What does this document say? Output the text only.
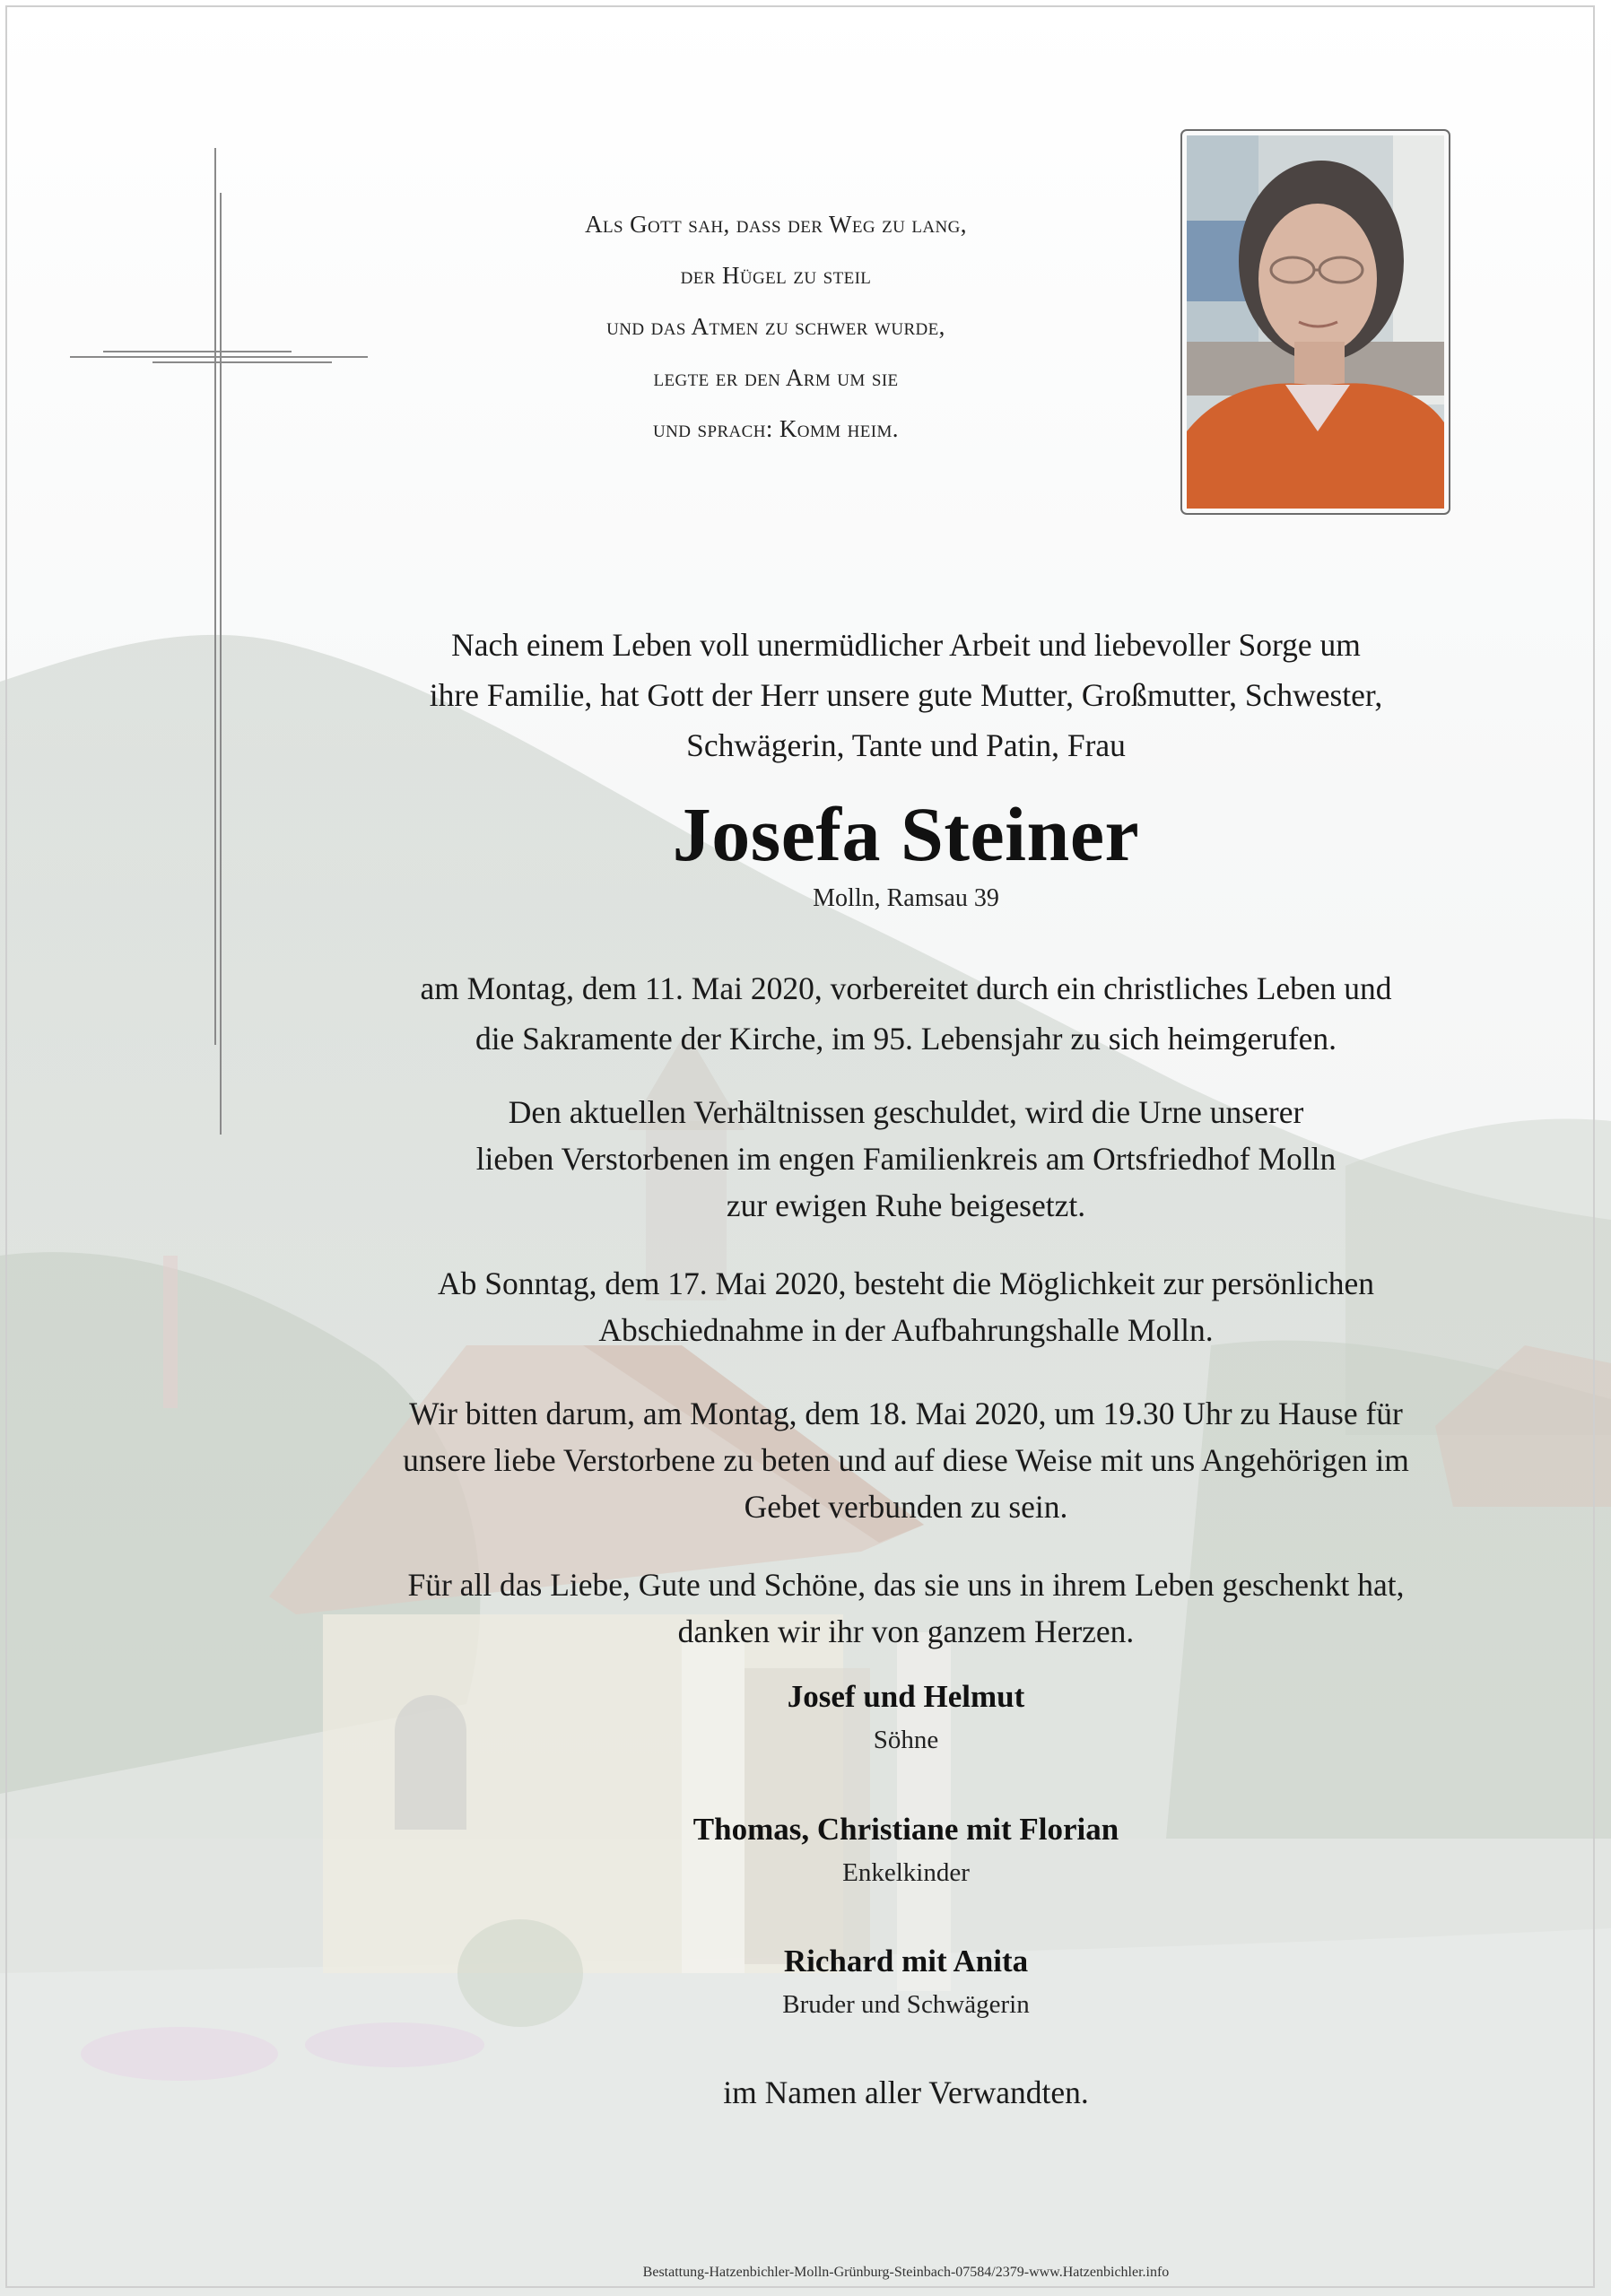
Als Gott sah, dass der Weg zu lang,
der Hügel zu steil
und das Atmen zu schwer wurde,
legte er den Arm um sie
und sprach: Komm heim.
Nach einem Leben voll unermüdlicher Arbeit und liebevoller Sorge um
ihre Familie, hat Gott der Herr unsere gute Mutter, Großmutter, Schwester,
Schwägerin, Tante und Patin, Frau
Josefa Steiner
Molln, Ramsau 39
am Montag, dem 11. Mai 2020, vorbereitet durch ein christliches Leben und
die Sakramente der Kirche, im 95. Lebensjahr zu sich heimgerufen.
Den aktuellen Verhältnissen geschuldet, wird die Urne unserer
lieben Verstorbenen im engen Familienkreis am Ortsfriedhof Molln
zur ewigen Ruhe beigesetzt.
Ab Sonntag, dem 17. Mai 2020, besteht die Möglichkeit zur persönlichen
Abschiednahme in der Aufbahrungshalle Molln.
Wir bitten darum, am Montag, dem 18. Mai 2020, um 19.30 Uhr zu Hause für
unsere liebe Verstorbene zu beten und auf diese Weise mit uns Angehörigen im
Gebet verbunden zu sein.
Für all das Liebe, Gute und Schöne, das sie uns in ihrem Leben geschenkt hat,
danken wir ihr von ganzem Herzen.
Josef und Helmut
Söhne
Thomas, Christiane mit Florian
Enkelkinder
Richard mit Anita
Bruder und Schwägerin
im Namen aller Verwandten.
Bestattung-Hatzenbichler-Molln-Grünburg-Steinbach-07584/2379-www.Hatzenbichler.info
